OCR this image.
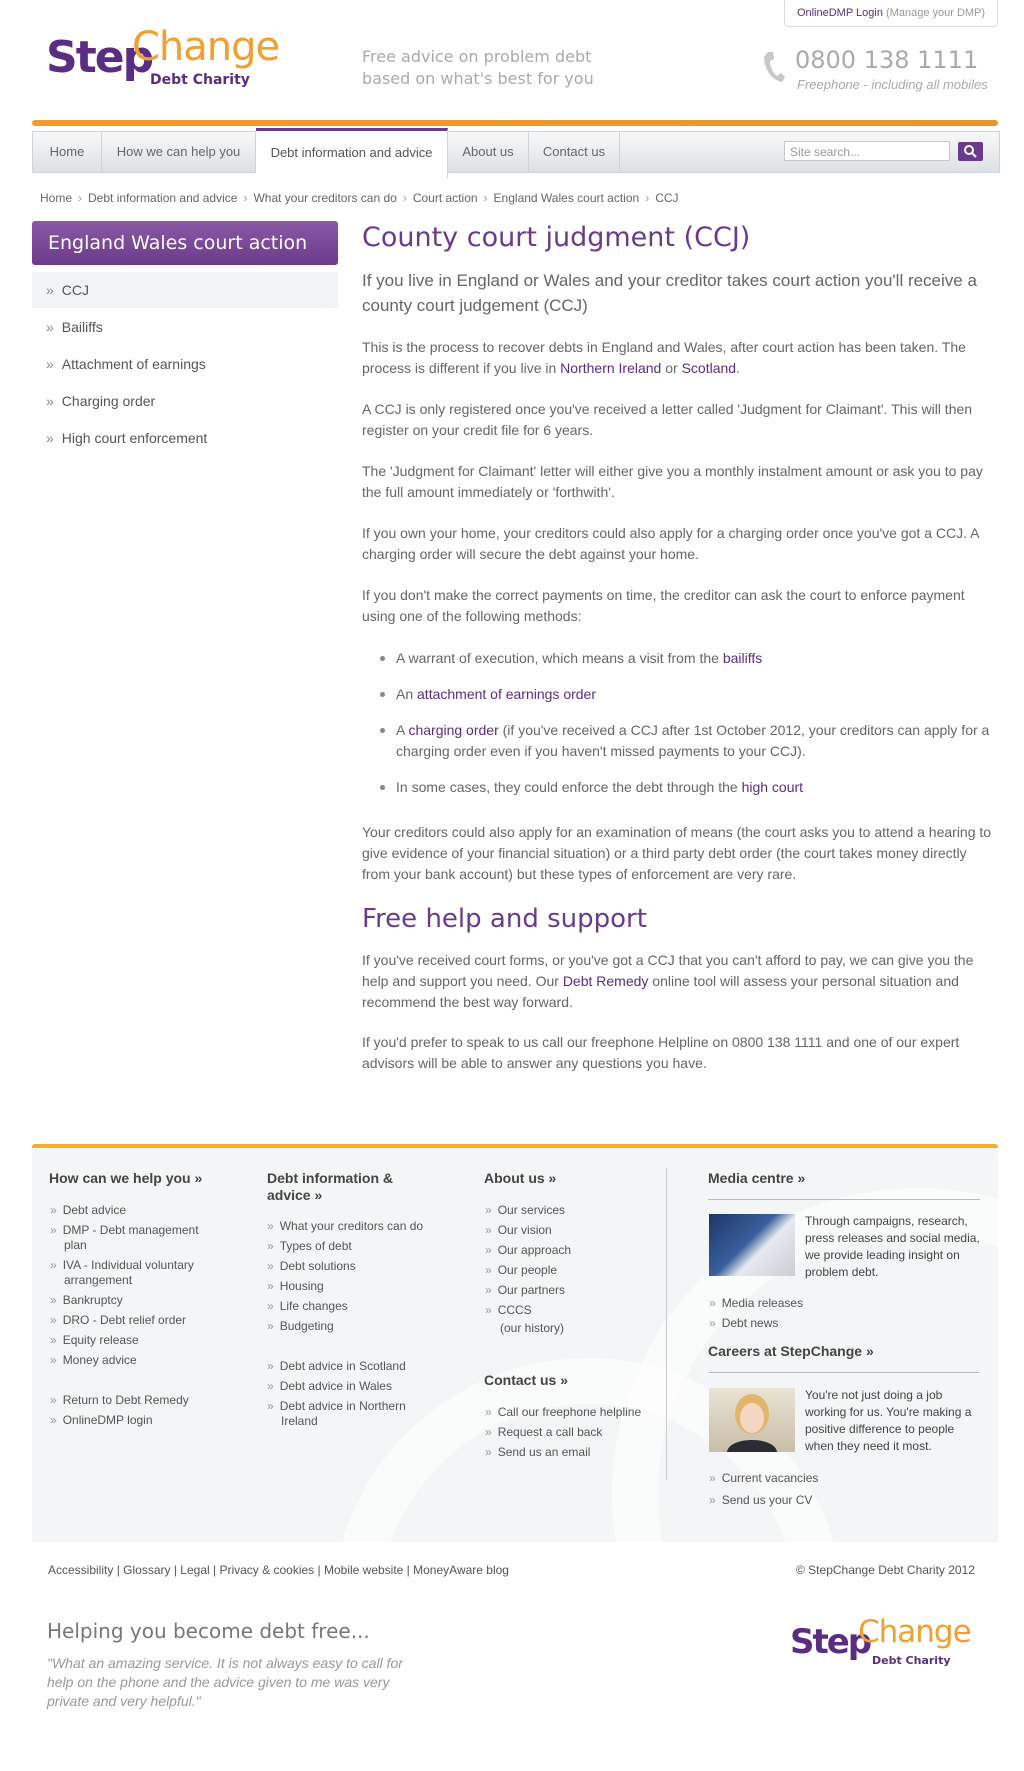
OnlineDMP Login (Manage your DMP)
Step
Change
Debt Charity
Free advice on problem debt
based on what's best for you
0800 138 1111
Freephone - including all mobiles
Home	How we can help you	Debt information and advice	About us	Contact us	Site search...
Home › Debt information and advice › What your creditors can do › Court action › England Wales court action › CCJ
England Wales court action
» CCJ
» Bailiffs
» Attachment of earnings
» Charging order
» High court enforcement
County court judgment (CCJ)
If you live in England or Wales and your creditor takes court action you'll receive a county court judgement (CCJ)
This is the process to recover debts in England and Wales, after court action has been taken. The process is different if you live in Northern Ireland or Scotland.
A CCJ is only registered once you've received a letter called 'Judgment for Claimant'. This will then register on your credit file for 6 years.
The 'Judgment for Claimant' letter will either give you a monthly instalment amount or ask you to pay the full amount immediately or 'forthwith'.
If you own your home, your creditors could also apply for a charging order once you've got a CCJ. A charging order will secure the debt against your home.
If you don't make the correct payments on time, the creditor can ask the court to enforce payment using one of the following methods:
A warrant of execution, which means a visit from the bailiffs
An attachment of earnings order
A charging order (if you've received a CCJ after 1st October 2012, your creditors can apply for a charging order even if you haven't missed payments to your CCJ).
In some cases, they could enforce the debt through the high court
Your creditors could also apply for an examination of means (the court asks you to attend a hearing to give evidence of your financial situation) or a third party debt order (the court takes money directly from your bank account) but these types of enforcement are very rare.
Free help and support
If you've received court forms, or you've got a CCJ that you can't afford to pay, we can give you the help and support you need. Our Debt Remedy online tool will assess your personal situation and recommend the best way forward.
If you'd prefer to speak to us call our freephone Helpline on 0800 138 1111 and one of our expert advisors will be able to answer any questions you have.
How can we help you »
» Debt advice
» DMP - Debt management plan
» IVA - Individual voluntary arrangement
» Bankruptcy
» DRO - Debt relief order
» Equity release
» Money advice
» Return to Debt Remedy
» OnlineDMP login
Debt information & advice »
» What your creditors can do
» Types of debt
» Debt solutions
» Housing
» Life changes
» Budgeting
» Debt advice in Scotland
» Debt advice in Wales
» Debt advice in Northern Ireland
About us »
» Our services
» Our vision
» Our approach
» Our people
» Our partners
» CCCS
(our history)
Contact us »
» Call our freephone helpline
» Request a call back
» Send us an email
Media centre »
Through campaigns, research, press releases and social media, we provide leading insight on problem debt.
» Media releases
» Debt news
Careers at StepChange »
You're not just doing a job working for us. You're making a positive difference to people when they need it most.
» Current vacancies
» Send us your CV
Accessibility | Glossary | Legal | Privacy & cookies | Mobile website | MoneyAware blog	© StepChange Debt Charity 2012
Helping you become debt free...
"What an amazing service. It is not always easy to call for help on the phone and the advice given to me was very private and very helpful."
Step
Change
Debt Charity
